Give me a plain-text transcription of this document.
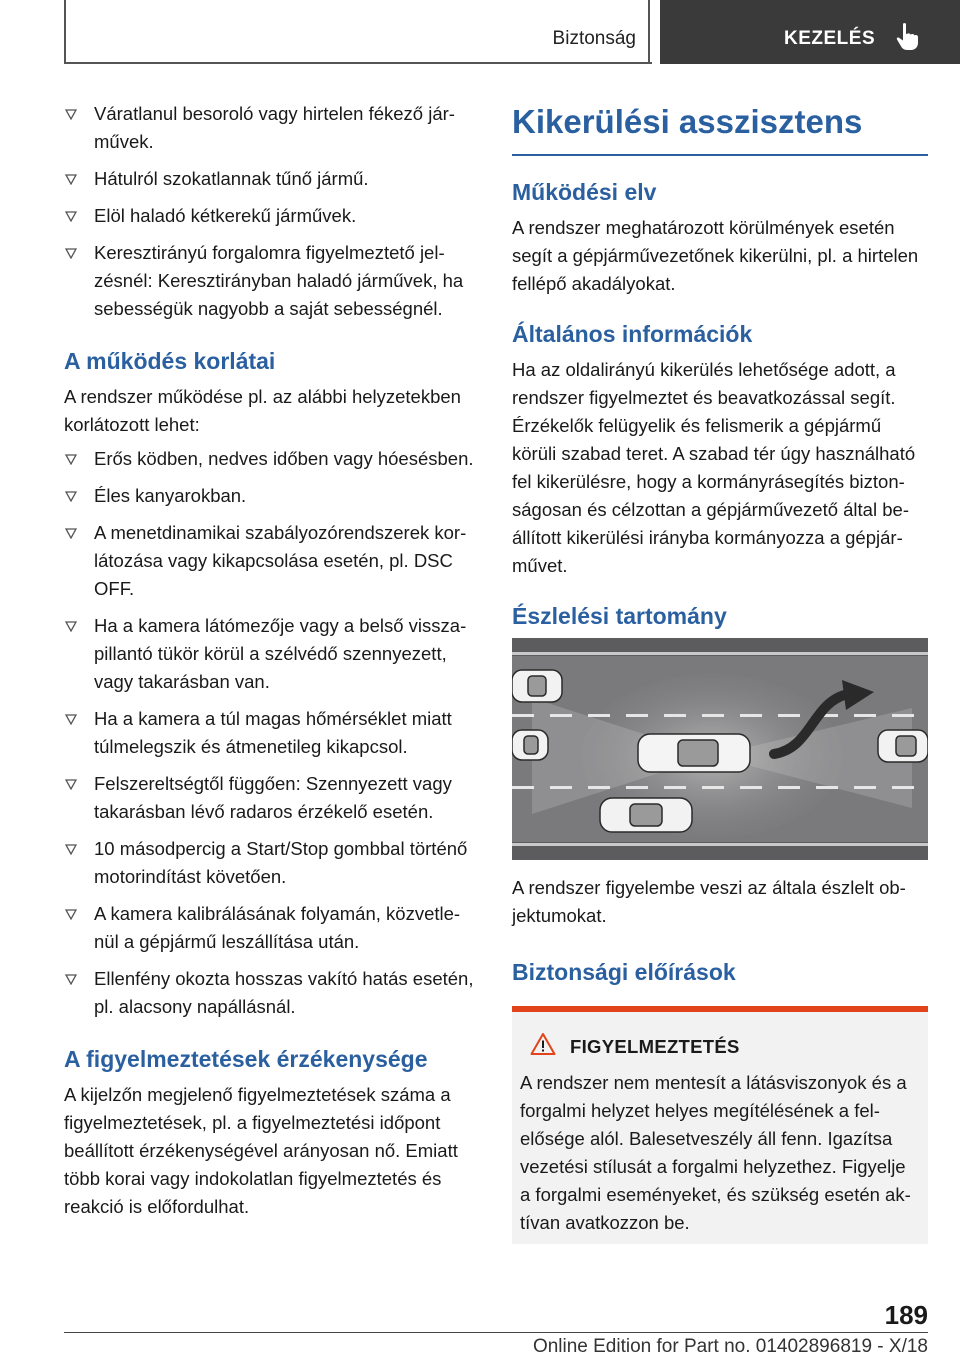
Biztonság	KEZELÉS
Váratlanul besoroló vagy hirtelen fékező járművek.
Hátulról szokatlannak tűnő jármű.
Elöl haladó kétkerekű járművek.
Keresztirányú forgalomra figyelmeztető jelzésnél: Keresztirányban haladó járművek, ha sebességük nagyobb a saját sebességnél.
A működés korlátai

A rendszer működése pl. az alábbi helyzetekben korlátozott lehet:

Erős ködben, nedves időben vagy hóesésben.
Éles kanyarokban.
A menetdinamikai szabályozórendszerek korlátozása vagy kikapcsolása esetén, pl. DSC OFF.
Ha a kamera látómezője vagy a belső visszapillantó tükör körül a szélvédő szennyezett, vagy takarásban van.
Ha a kamera a túl magas hőmérséklet miatt túlmelegszik és átmenetileg kikapcsol.
Felszereltségtől függően: Szennyezett vagy takarásban lévő radaros érzékelő esetén.
10 másodpercig a Start/Stop gombbal történő motorindítást követően.
A kamera kalibrálásának folyamán, közvetlenül a gépjármű leszállítása után.
Ellenfény okozta hosszas vakító hatás esetén, pl. alacsony napállásnál.
A figyelmeztetések érzékenysége

A kijelzőn megjelenő figyelmeztetések száma a figyelmeztetések, pl. a figyelmeztetési időpont beállított érzékenységével arányosan nő. Emiatt több korai vagy indokolatlan figyelmeztetés és reakció is előfordulhat.

Kikerülési asszisztens
Működési elv

A rendszer meghatározott körülmények esetén segít a gépjárművezetőnek kikerülni, pl. a hirtelen fellépő akadályokat.

Általános információk

Ha az oldalirányú kikerülés lehetősége adott, a rendszer figyelmeztet és beavatkozással segít. Érzékelők felügyelik és felismerik a gépjármű körüli szabad teret. A szabad tér úgy használható fel kikerülésre, hogy a kormányrásegítés biztonságosan és célzottan a gépjárművezető által beállított kikerülési irányba kormányozza a gépjárművet.

Észlelési tartomány

A rendszer figyelembe veszi az általa észlelt objektumokat.

Biztonsági előírások
FIGYELMEZTETÉS

A rendszer nem mentesít a látásviszonyok és a forgalmi helyzet helyes megítélésének a felelősége alól. Balesetveszély áll fenn. Igazítsa vezetési stílusát a forgalmi helyzethez. Figyelje a forgalmi eseményeket, és szükség esetén aktívan avatkozzon be.

189
Online Edition for Part no. 01402896819 - X/18
